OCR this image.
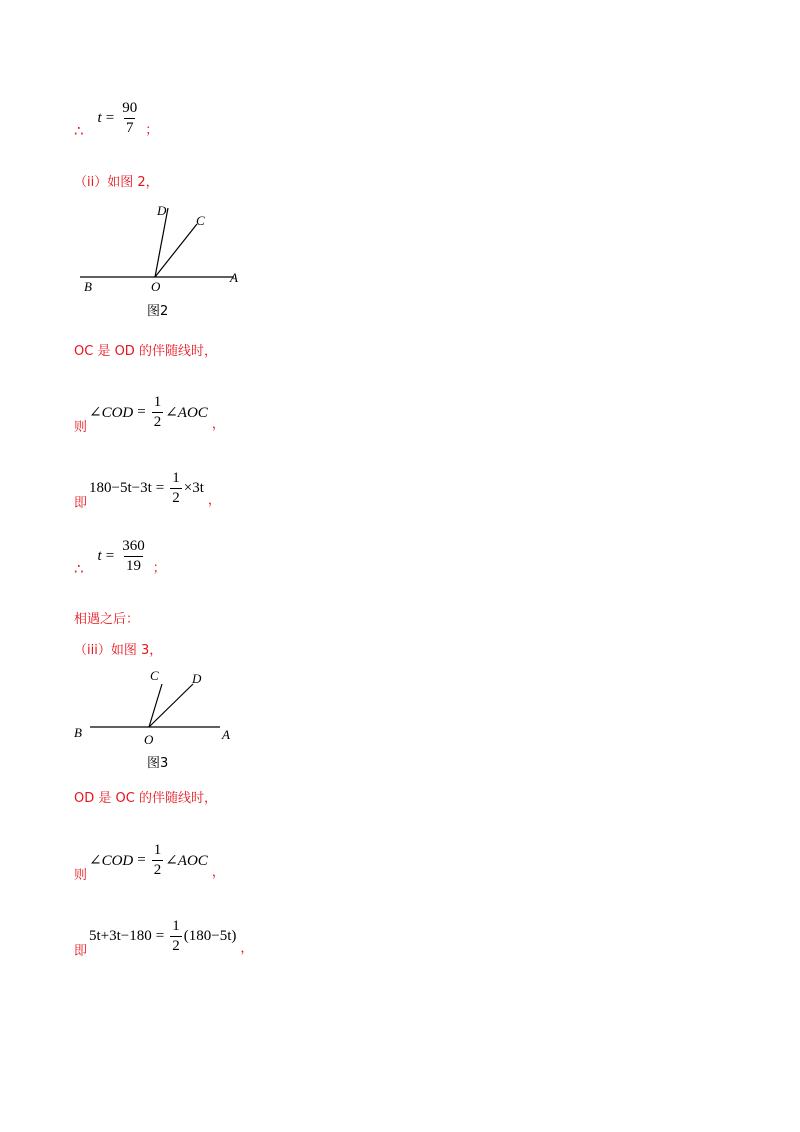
∴
$t = \frac{90}{7}$ ；
（ii）如图 2，
D
C
A
B	O
图2
OC 是 OD 的伴随线时，
则
∠COD = $\frac{1}{2}$ ∠AOC
，
即
$180-5t-3t = \frac{1}{2} \times 3t$
，
∴
$t = \frac{360}{19}$ ；
相遇之后：
（iii）如图 3，
C	D
A
B	O
图3
OD 是 OC 的伴随线时，
则
∠COD = $\frac{1}{2}$ ∠AOC
，
即
$5t+3t-180 = \frac{1}{2} (180-5t)$
，
